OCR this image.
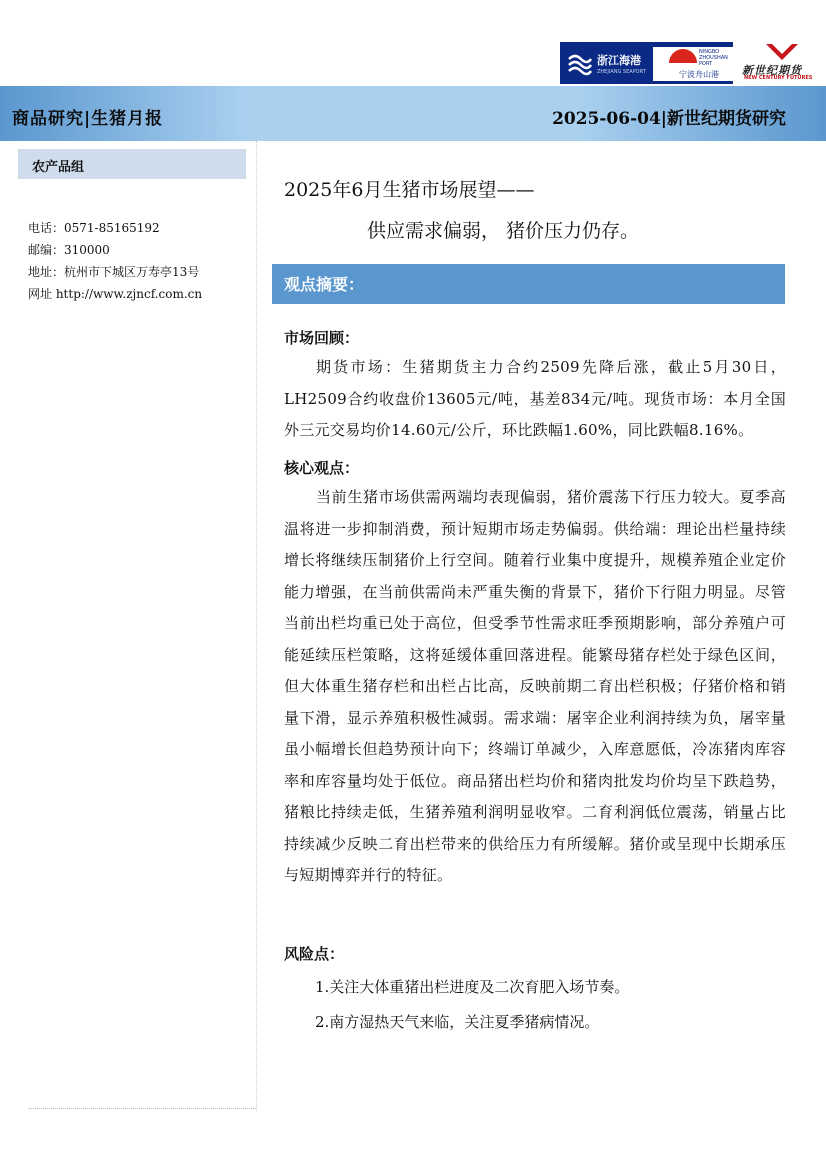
浙江海港
ZHEJIANG SEAPORT
NINGBO ZHOUSHAN PORT
宁波舟山港 新世纪期货
NEW CENTURY FUTURES
商品研究|生猪月报	2025-06-04|新世纪期货研究
农产品组
电话：0571-85165192
邮编：310000
地址：杭州市下城区万寿亭13号
网址 http://www.zjncf.com.cn
2025年6月生猪市场展望——
供应需求偏弱， 猪价压力仍存。
观点摘要：
市场回顾：
期货市场：生猪期货主力合约2509先降后涨，截止5月30日，LH2509合约收盘价13605元/吨，基差834元/吨。现货市场：本月全国外三元交易均价14.60元/公斤，环比跌幅1.60%，同比跌幅8.16%。
核心观点：
当前生猪市场供需两端均表现偏弱，猪价震荡下行压力较大。夏季高温将进一步抑制消费，预计短期市场走势偏弱。供给端：理论出栏量持续增长将继续压制猪价上行空间。随着行业集中度提升，规模养殖企业定价能力增强，在当前供需尚未严重失衡的背景下，猪价下行阻力明显。尽管当前出栏均重已处于高位，但受季节性需求旺季预期影响，部分养殖户可能延续压栏策略，这将延缓体重回落进程。能繁母猪存栏处于绿色区间，但大体重生猪存栏和出栏占比高，反映前期二育出栏积极；仔猪价格和销量下滑，显示养殖积极性减弱。需求端：屠宰企业利润持续为负，屠宰量虽小幅增长但趋势预计向下；终端订单减少，入库意愿低，冷冻猪肉库容率和库容量均处于低位。商品猪出栏均价和猪肉批发均价均呈下跌趋势，猪粮比持续走低，生猪养殖利润明显收窄。二育利润低位震荡，销量占比持续减少反映二育出栏带来的供给压力有所缓解。猪价或呈现中长期承压与短期博弈并行的特征。
风险点：
1.关注大体重猪出栏进度及二次育肥入场节奏。
2.南方湿热天气来临，关注夏季猪病情况。
